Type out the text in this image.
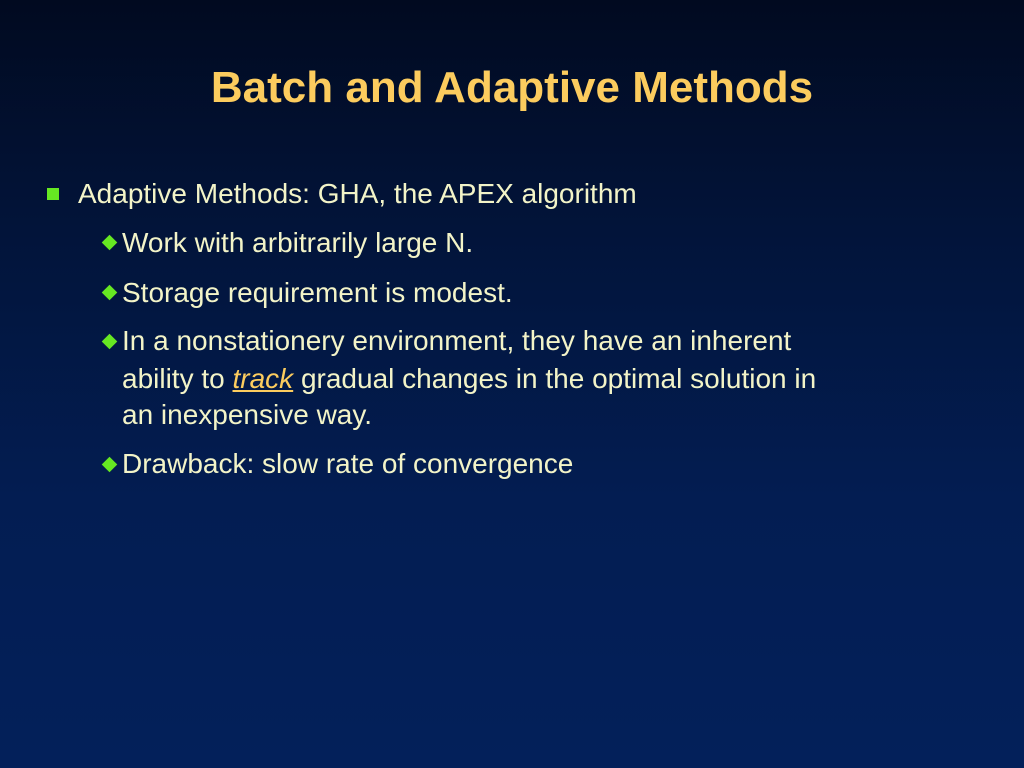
Batch and Adaptive Methods
Adaptive Methods: GHA, the APEX algorithm
Work with arbitrarily large N.
Storage requirement is modest.
In a nonstationery environment, they have an inherent
ability to track gradual changes in the optimal solution in
an inexpensive way.
Drawback: slow rate of convergence
